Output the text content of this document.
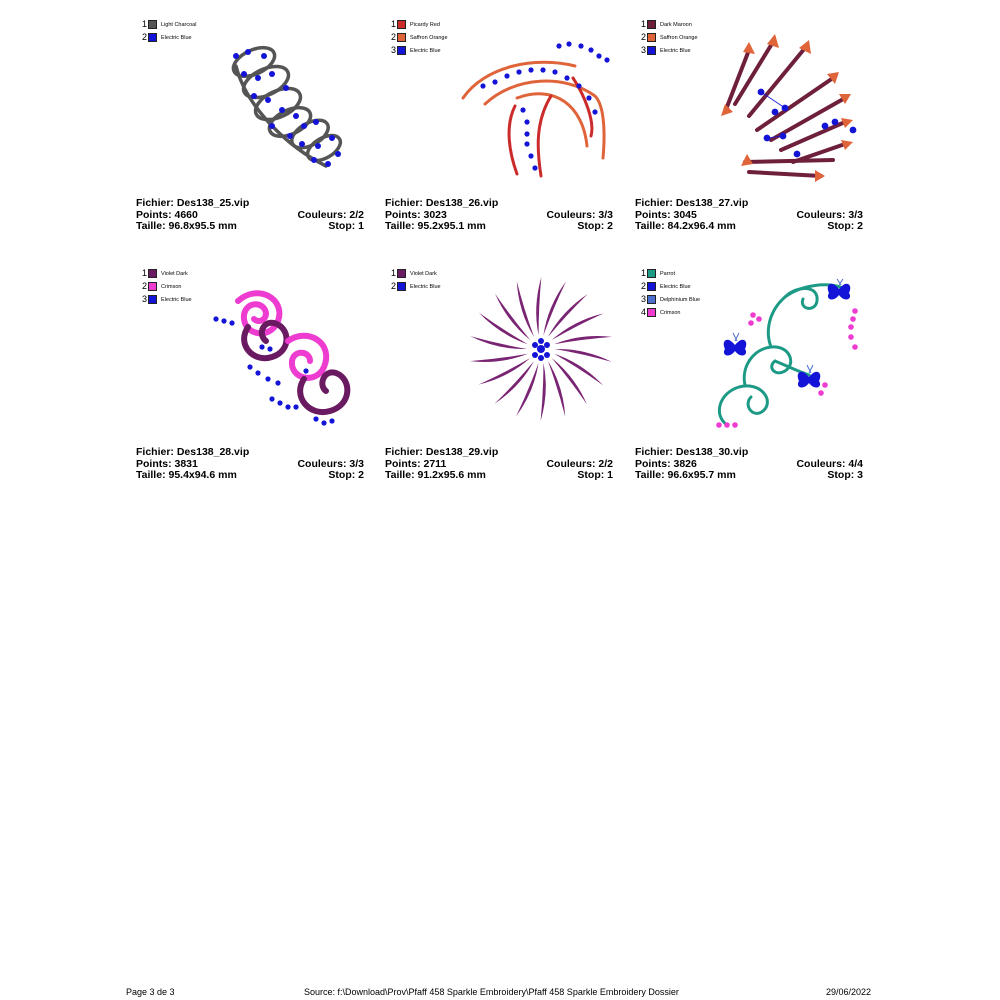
1	Light Charcoal
2	Electric Blue
Fichier: Des138_25.vip
Points: 4660	Couleurs: 2/2
Taille: 96.8x95.5 mm	Stop: 1
1	Picardy Red
2	Saffron Orange
3	Electric Blue
Fichier: Des138_26.vip
Points: 3023	Couleurs: 3/3
Taille: 95.2x95.1 mm	Stop: 2
1	Dark Maroon
2	Saffron Orange
3	Electric Blue
Fichier: Des138_27.vip
Points: 3045	Couleurs: 3/3
Taille: 84.2x96.4 mm	Stop: 2
1	Violet Dark
2	Crimson
3	Electric Blue
Fichier: Des138_28.vip
Points: 3831	Couleurs: 3/3
Taille: 95.4x94.6 mm	Stop: 2
1	Violet Dark
2	Electric Blue
Fichier: Des138_29.vip
Points: 2711	Couleurs: 2/2
Taille: 91.2x95.6 mm	Stop: 1
1	Parrot
2	Electric Blue
3	Delphinium Blue
4	Crimson
Fichier: Des138_30.vip
Points: 3826	Couleurs: 4/4
Taille: 96.6x95.7 mm	Stop: 3
Page 3 de 3	Source: f:\Download\Prov\Pfaff 458 Sparkle Embroidery\Pfaff 458 Sparkle Embroidery Dossier	29/06/2022
